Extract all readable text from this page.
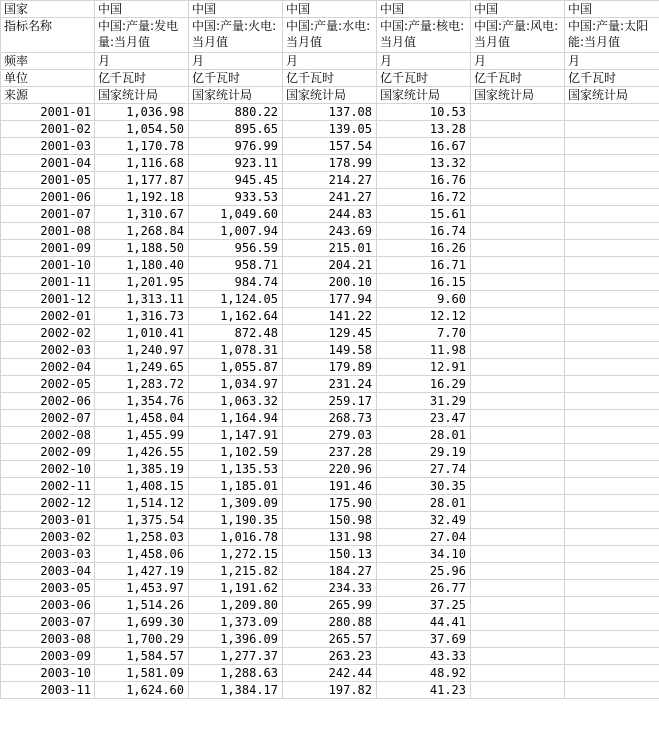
国家	中国	中国	中国	中国	中国	中国
指标名称	中国:产量:发电量:当月值	中国:产量:火电:当月值	中国:产量:水电:当月值	中国:产量:核电:当月值	中国:产量:风电:当月值	中国:产量:太阳能:当月值
频率	月	月	月	月	月	月
单位	亿千瓦时	亿千瓦时	亿千瓦时	亿千瓦时	亿千瓦时	亿千瓦时
来源	国家统计局	国家统计局	国家统计局	国家统计局	国家统计局	国家统计局
2001-01	1,036.98	880.22	137.08	10.53		
2001-02	1,054.50	895.65	139.05	13.28		
2001-03	1,170.78	976.99	157.54	16.67		
2001-04	1,116.68	923.11	178.99	13.32		
2001-05	1,177.87	945.45	214.27	16.76		
2001-06	1,192.18	933.53	241.27	16.72		
2001-07	1,310.67	1,049.60	244.83	15.61		
2001-08	1,268.84	1,007.94	243.69	16.74		
2001-09	1,188.50	956.59	215.01	16.26		
2001-10	1,180.40	958.71	204.21	16.71		
2001-11	1,201.95	984.74	200.10	16.15		
2001-12	1,313.11	1,124.05	177.94	9.60		
2002-01	1,316.73	1,162.64	141.22	12.12		
2002-02	1,010.41	872.48	129.45	7.70		
2002-03	1,240.97	1,078.31	149.58	11.98		
2002-04	1,249.65	1,055.87	179.89	12.91		
2002-05	1,283.72	1,034.97	231.24	16.29		
2002-06	1,354.76	1,063.32	259.17	31.29		
2002-07	1,458.04	1,164.94	268.73	23.47		
2002-08	1,455.99	1,147.91	279.03	28.01		
2002-09	1,426.55	1,102.59	237.28	29.19		
2002-10	1,385.19	1,135.53	220.96	27.74		
2002-11	1,408.15	1,185.01	191.46	30.35		
2002-12	1,514.12	1,309.09	175.90	28.01		
2003-01	1,375.54	1,190.35	150.98	32.49		
2003-02	1,258.03	1,016.78	131.98	27.04		
2003-03	1,458.06	1,272.15	150.13	34.10		
2003-04	1,427.19	1,215.82	184.27	25.96		
2003-05	1,453.97	1,191.62	234.33	26.77		
2003-06	1,514.26	1,209.80	265.99	37.25		
2003-07	1,699.30	1,373.09	280.88	44.41		
2003-08	1,700.29	1,396.09	265.57	37.69		
2003-09	1,584.57	1,277.37	263.23	43.33		
2003-10	1,581.09	1,288.63	242.44	48.92		
2003-11	1,624.60	1,384.17	197.82	41.23		
